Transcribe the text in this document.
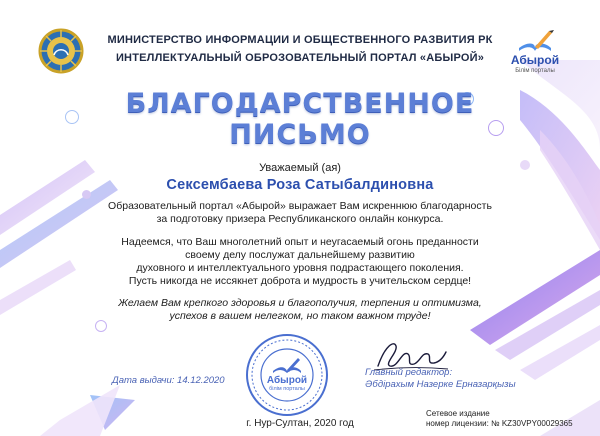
МИНИСТЕРСТВО ИНФОРМАЦИИ И ОБЩЕСТВЕННОГО РАЗВИТИЯ РК
ИНТЕЛЛЕКТУАЛЬНЫЙ ОБРОЗОВАТЕЛЬНЫЙ ПОРТАЛ «АБЫРОЙ»	Абырой
Білім порталы
БЛАГОДАРСТВЕННОЕ
ПИСЬМО
Уважаемый (ая)
Сексембаева Роза Сатыбалдиновна
Образовательный портал «Абырой» выражает Вам искреннюю благодарность
за подготовку призера Республиканского онлайн конкурса.
Надеемся, что Ваш многолетний опыт и неугасаемый огонь преданности
своему делу послужат дальнейшему развитию
духовного и интеллектуального уровня подрастающего поколения.
Пусть никогда не иссякнет доброта и мудрость в учительском сердце!
Желаем Вам крепкого здоровья и благополучия, терпения и оптимизма,
успехов в вашем нелегком, но таком важном труде!
Дата выдачи: 14.12.2020	Абырой
білім порталы
Главный редактор:
Әбдірахым Назерке Ерназарқызы
г. Нур-Султан, 2020 год
Сетевое издание
номер лицензии: № KZ30VPY00029365
